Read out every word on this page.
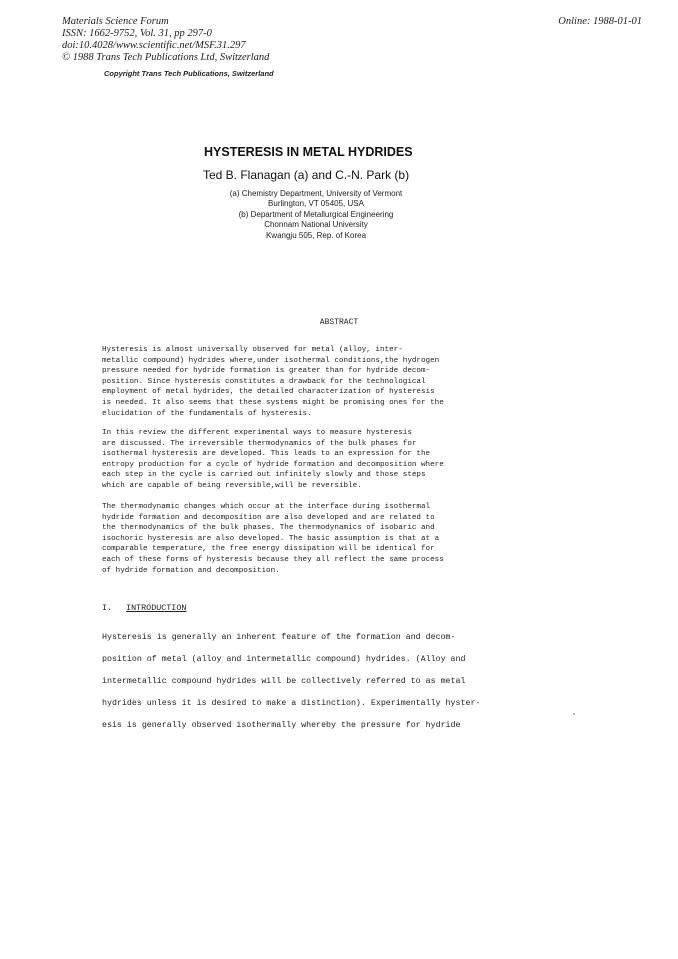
Materials Science Forum
ISSN: 1662-9752, Vol. 31, pp 297-0
doi:10.4028/www.scientific.net/MSF.31.297
© 1988 Trans Tech Publications Ltd, Switzerland
Online: 1988-01-01
Copyright Trans Tech Publications, Switzerland
HYSTERESIS IN METAL HYDRIDES
Ted B. Flanagan (a) and C.-N. Park (b)
(a) Chemistry Department, University of Vermont
Burlington, VT 05405, USA
(b) Department of Metallurgical Engineering
Chonnam National University
Kwangju 505, Rep. of Korea
ABSTRACT
Hysteresis is almost universally observed for metal (alloy, inter-
metallic compound) hydrides where,under isothermal conditions,the hydrogen
pressure needed for hydride formation is greater than for hydride decom-
position. Since hysteresis constitutes a drawback for the technological
employment of metal hydrides, the detailed characterization of hysteresis
is needed. It also seems that these systems might be promising ones for the
elucidation of the fundamentals of hysteresis.
In this review the different experimental ways to measure hysteresis
are discussed. The irreversible thermodynamics of the bulk phases for
isothermal hysteresis are developed. This leads to an expression for the
entropy production for a cycle of hydride formation and decomposition where
each step in the cycle is carried out infinitely slowly and those steps
which are capable of being reversible,will be reversible.
The thermodynamic changes which occur at the interface during isothermal
hydride formation and decomposition are also developed and are related to
the thermodynamics of the bulk phases. The thermodynamics of isobaric and
isochoric hysteresis are also developed. The basic assumption is that at a
comparable temperature, the free energy dissipation will be identical for
each of these forms of hysteresis because they all reflect the same process
of hydride formation and decomposition.
I. INTRODUCTION
Hysteresis is generally an inherent feature of the formation and decom-
position of metal (alloy and intermetallic compound) hydrides. (Alloy and
intermetallic compound hydrides will be collectively referred to as metal
hydrides unless it is desired to make a distinction). Experimentally hyster-
esis is generally observed isothermally whereby the pressure for hydride
